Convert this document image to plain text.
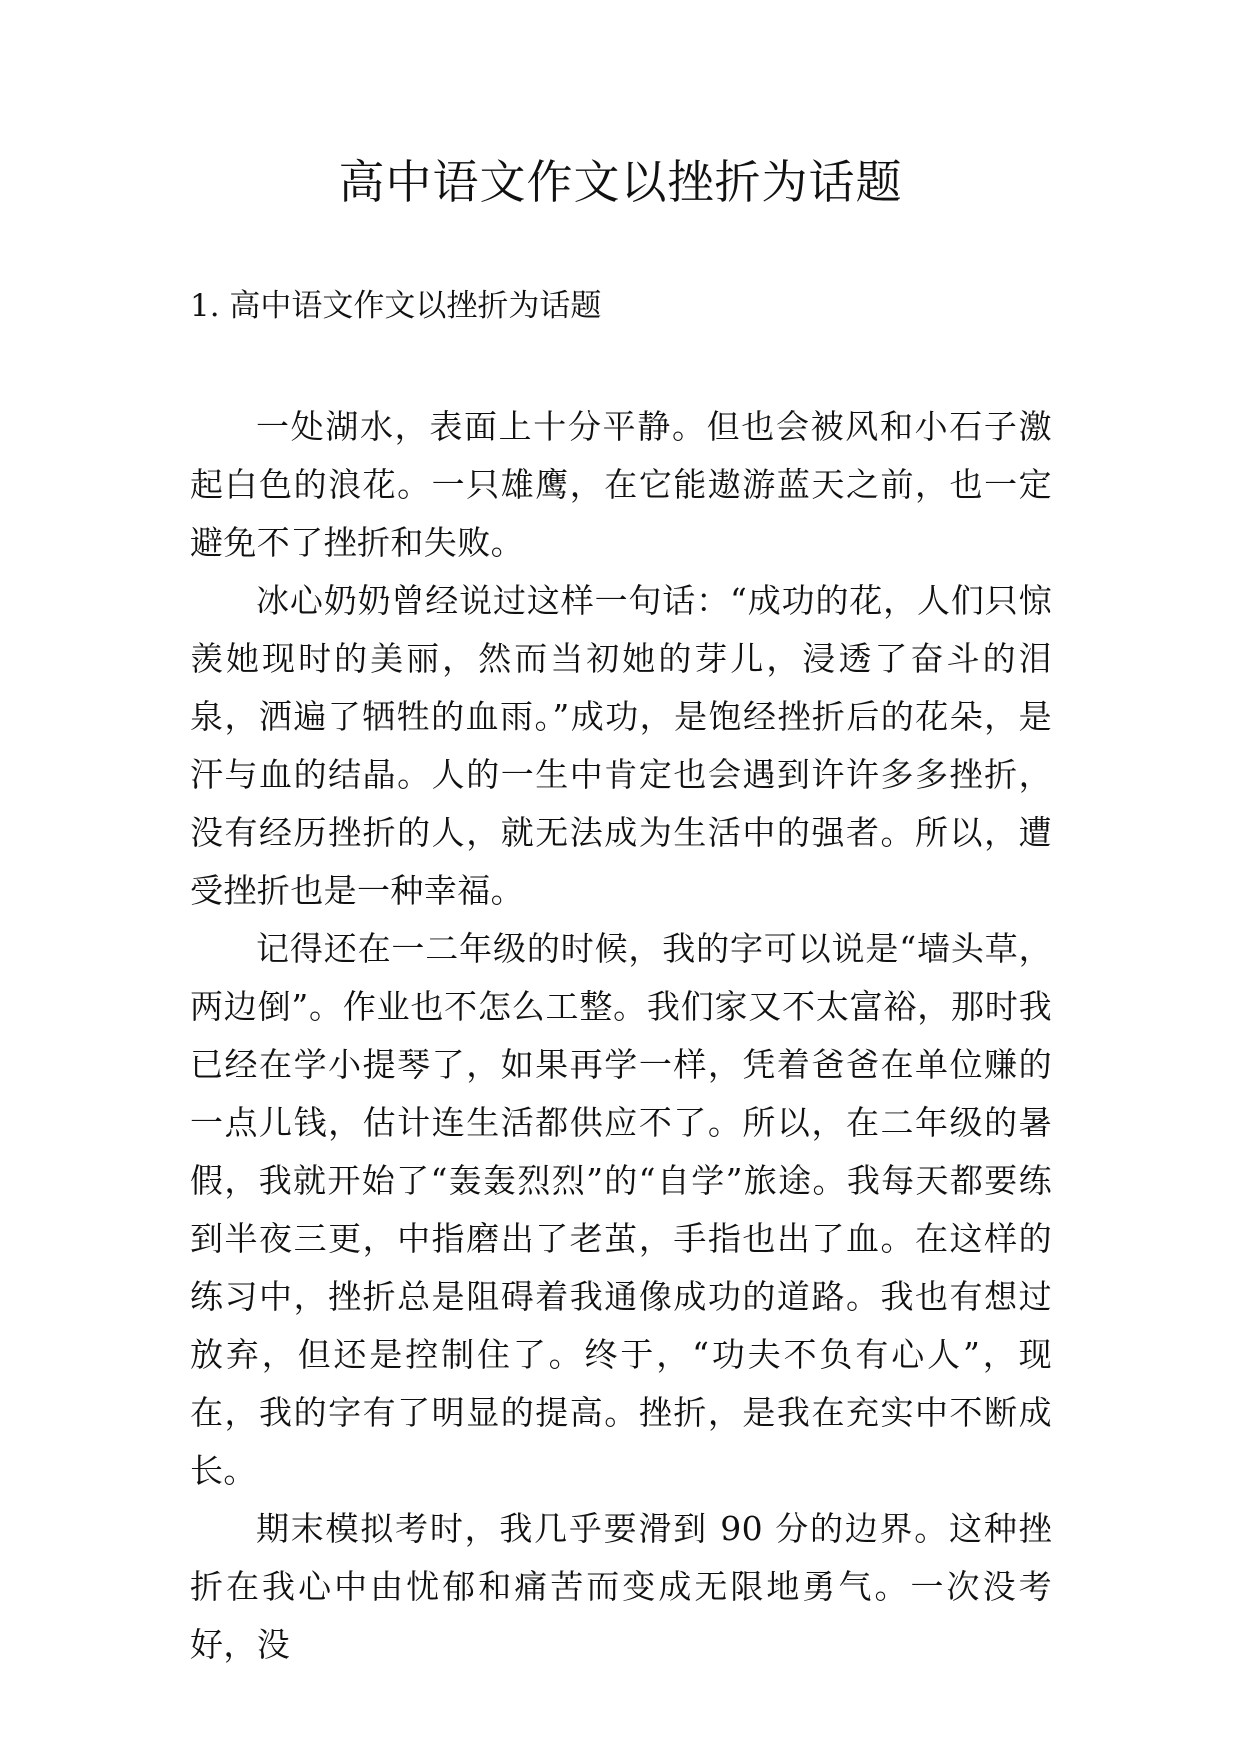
高中语文作文以挫折为话题
1. 高中语文作文以挫折为话题

一处湖水，表面上十分平静。但也会被风和小石子激起白色的浪花。一只雄鹰，在它能遨游蓝天之前，也一定避免不了挫折和失败。

冰心奶奶曾经说过这样一句话：“成功的花，人们只惊羡她现时的美丽，然而当初她的芽儿，浸透了奋斗的泪泉，洒遍了牺牲的血雨。”成功，是饱经挫折后的花朵，是汗与血的结晶。人的一生中肯定也会遇到许许多多挫折，没有经历挫折的人，就无法成为生活中的强者。所以，遭受挫折也是一种幸福。

记得还在一二年级的时候，我的字可以说是“墙头草，两边倒”。作业也不怎么工整。我们家又不太富裕，那时我已经在学小提琴了，如果再学一样，凭着爸爸在单位赚的一点儿钱，估计连生活都供应不了。所以，在二年级的暑假，我就开始了“轰轰烈烈”的“自学”旅途。我每天都要练到半夜三更，中指磨出了老茧，手指也出了血。在这样的练习中，挫折总是阻碍着我通像成功的道路。我也有想过放弃，但还是控制住了。终于，“功夫不负有心人”，现在，我的字有了明显的提高。挫折，是我在充实中不断成长。

期末模拟考时，我几乎要滑到 90 分的边界。这种挫折在我心中由忧郁和痛苦而变成无限地勇气。一次没考好，没
